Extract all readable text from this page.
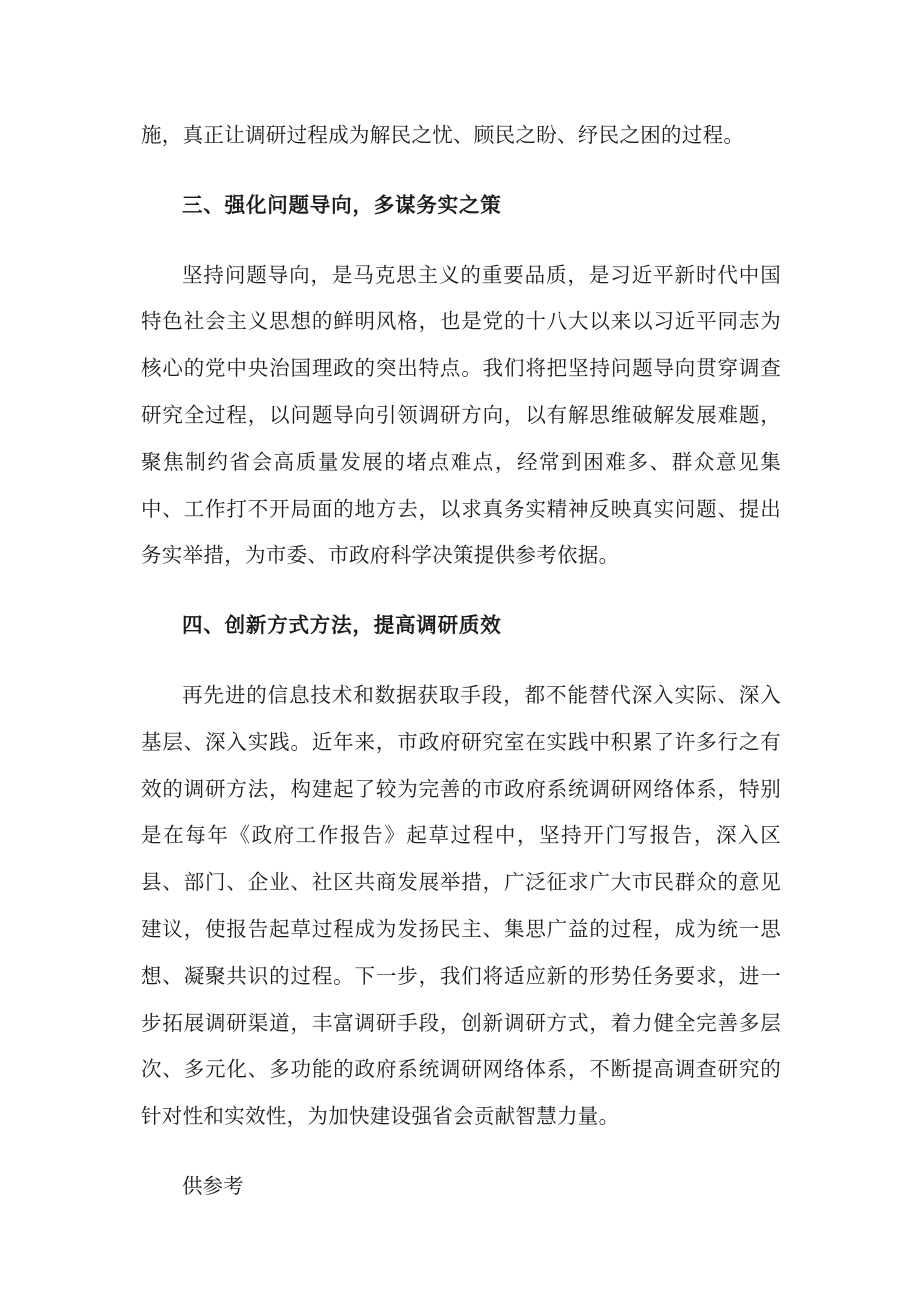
施，真正让调研过程成为解民之忧、顾民之盼、纾民之困的过程。

三、强化问题导向，多谋务实之策

坚持问题导向，是马克思主义的重要品质，是习近平新时代中国特色社会主义思想的鲜明风格，也是党的十八大以来以习近平同志为核心的党中央治国理政的突出特点。我们将把坚持问题导向贯穿调查研究全过程，以问题导向引领调研方向，以有解思维破解发展难题，聚焦制约省会高质量发展的堵点难点，经常到困难多、群众意见集中、工作打不开局面的地方去，以求真务实精神反映真实问题、提出务实举措，为市委、市政府科学决策提供参考依据。

四、创新方式方法，提高调研质效

再先进的信息技术和数据获取手段，都不能替代深入实际、深入基层、深入实践。近年来，市政府研究室在实践中积累了许多行之有效的调研方法，构建起了较为完善的市政府系统调研网络体系，特别是在每年《政府工作报告》起草过程中，坚持开门写报告，深入区县、部门、企业、社区共商发展举措，广泛征求广大市民群众的意见建议，使报告起草过程成为发扬民主、集思广益的过程，成为统一思想、凝聚共识的过程。下一步，我们将适应新的形势任务要求，进一步拓展调研渠道，丰富调研手段，创新调研方式，着力健全完善多层次、多元化、多功能的政府系统调研网络体系，不断提高调查研究的针对性和实效性，为加快建设强省会贡献智慧力量。

供参考
